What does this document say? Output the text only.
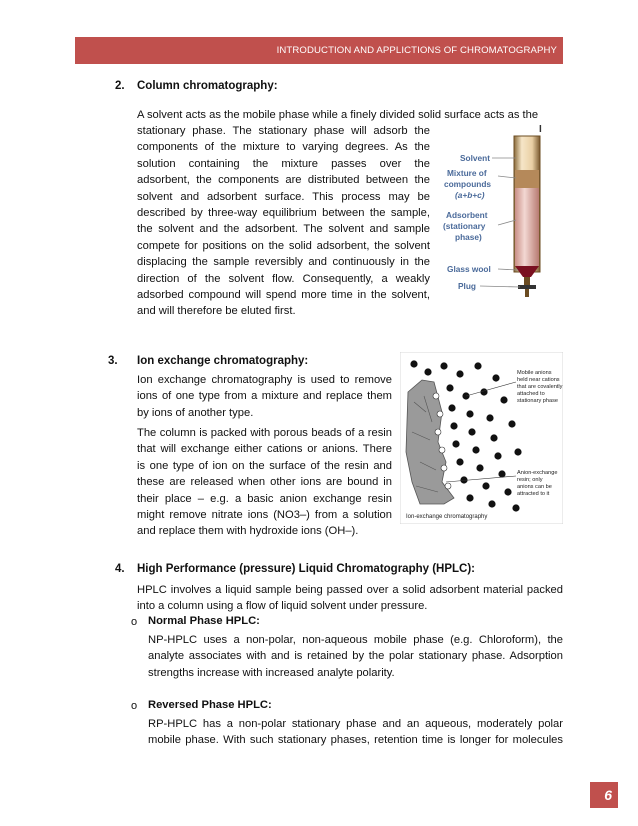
INTRODUCTION AND APPLICTIONS OF CHROMATOGRAPHY
2. Column chromatography:
A solvent acts as the mobile phase while a finely divided solid surface acts as the
stationary phase. The stationary phase will adsorb the
components of the mixture to varying degrees. As the
solution containing the mixture passes over the
adsorbent, the components are distributed between the
solvent and adsorbent surface. This process may be
described by three-way equilibrium between the sample,
the solvent and the adsorbent. The solvent and sample
compete for positions on the solid adsorbent, the solvent
displacing the sample reversibly and continuously in the
direction of the solvent flow. Consequently, a weakly
adsorbed compound will spend more time in the solvent,
and will therefore be eluted first.
I
Solvent
Mixture of
compounds
(a+b+c)
Adsorbent
(stationary
phase)
Glass wool
Plug
3. Ion exchange chromatography:
Ion exchange chromatography is used to remove
ions of one type from a mixture and replace them
by ions of another type.
The column is packed with porous beads of a resin
that will exchange either cations or anions. There
is one type of ion on the surface of the resin and
these are released when other ions are bound in
their place – e.g. a basic anion exchange resin
might remove nitrate ions (NO3–) from a solution
and replace them with hydroxide ions (OH–).
Mobile anions
held near cations
that are covalently
attached to
stationary phase
Anion-exchange
resin; only
anions can be
attracted to it
Ion-exchange chromatography
4. High Performance (pressure) Liquid Chromatography (HPLC):
HPLC involves a liquid sample being passed over a solid adsorbent material packed
into a column using a flow of liquid solvent under pressure.
o Normal Phase HPLC:
NP-HPLC uses a non-polar, non-aqueous mobile phase (e.g. Chloroform), the
analyte associates with and is retained by the polar stationary phase. Adsorption
strengths increase with increased analyte polarity.
o Reversed Phase HPLC:
RP-HPLC has a non-polar stationary phase and an aqueous, moderately polar
mobile phase. With such stationary phases, retention time is longer for molecules
6
